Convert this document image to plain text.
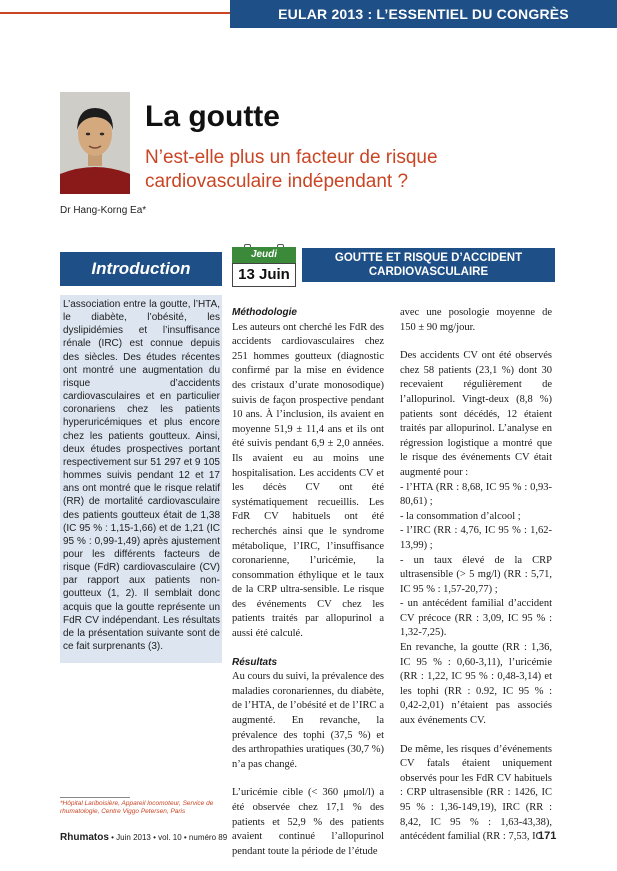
EULAR 2013 : L’ESSENTIEL DU CONGRÈS
La goutte
N’est-elle plus un facteur de risque cardiovasculaire indépendant ?
Dr Hang-Korng Ea*
Introduction
L’association entre la goutte, l’HTA, le diabète, l’obésité, les dyslipidémies et l’insuffisance rénale (IRC) est connue depuis des siècles. Des études récentes ont montré une augmentation du risque d’accidents cardiovasculaires et en particulier coronariens chez les patients hyperuricémiques et plus encore chez les patients goutteux. Ainsi, deux études prospectives portant respectivement sur 51 297 et 9 105 hommes suivis pendant 12 et 17 ans ont montré que le risque relatif (RR) de mortalité cardiovasculaire des patients goutteux était de 1,38 (IC 95 % : 1,15-1,66) et de 1,21 (IC 95 % : 0,99-1,49) après ajustement pour les différents facteurs de risque (FdR) cardiovasculaire (CV) par rapport aux patients non-goutteux (1, 2). Il semblait donc acquis que la goutte représente un FdR CV indépendant. Les résultats de la présentation suivante sont de ce fait surprenants (3).
*Hôpital Lariboisière, Appareil locomoteur, Service de rhumatologie, Centre Viggo Petersen, Paris
Jeudi
13 Juin
GOUTTE ET RISQUE D’ACCIDENT CARDIOVASCULAIRE

Méthodologie

Les auteurs ont cherché les FdR des accidents cardiovasculaires chez 251 hommes goutteux (diagnostic confirmé par la mise en évidence des cristaux d’urate monosodique) suivis de façon prospective pendant 10 ans. À l’inclusion, ils avaient en moyenne 51,9 ± 11,4 ans et ils ont été suivis pendant 6,9 ± 2,0 années. Ils avaient eu au moins une hospitalisation. Les accidents CV et les décès CV ont été systématiquement recueillis. Les FdR CV habituels ont été recherchés ainsi que le syndrome métabolique, l’IRC, l’insuffisance coronarienne, l’uricémie, la consommation éthylique et le taux de la CRP ultra-sensible. Le risque des événements CV chez les patients traités par allopurinol a aussi été calculé.

Résultats

Au cours du suivi, la prévalence des maladies coronariennes, du diabète, de l’HTA, de l’obésité et de l’IRC a augmenté. En revanche, la prévalence des tophi (37,5 %) et des arthropathies uratiques (30,7 %) n’a pas changé.

L’uricémie cible (< 360 μmol/l) a été observée chez 17,1 % des patients et 52,9 % des patients avaient continué l’allopurinol pendant toute la période de l’étude

avec une posologie moyenne de 150 ± 90 mg/jour.

Des accidents CV ont été observés chez 58 patients (23,1 %) dont 30 recevaient régulièrement de l’allopurinol. Vingt-deux (8,8 %) patients sont décédés, 12 étaient traités par allopurinol. L’analyse en régression logistique a montré que le risque des événements CV était augmenté pour :

- l’HTA (RR : 8,68, IC 95 % : 0,93-80,61) ;

- la consommation d’alcool ;

- l’IRC (RR : 4,76, IC 95 % : 1,62-13,99) ;

- un taux élevé de la CRP ultrasensible (> 5 mg/l) (RR : 5,71, IC 95 % : 1,57-20,77) ;

- un antécédent familial d’accident CV précoce (RR : 3,09, IC 95 % : 1,32-7,25).

En revanche, la goutte (RR : 1,36, IC 95 % : 0,60-3,11), l’uricémie (RR : 1,22, IC 95 % : 0,48-3,14) et les tophi (RR : 0.92, IC 95 % : 0,42-2,01) n’étaient pas associés aux événements CV.

De même, les risques d’événements CV fatals étaient uniquement observés pour les FdR CV habituels : CRP ultrasensible (RR : 1426, IC 95 % : 1,36-149,19), IRC (RR : 8,42, IC 95 % : 1,63-43,38), antécédent familial (RR : 7,53, IC

Rhumatos • Juin 2013 • vol. 10 • numéro 89	171
